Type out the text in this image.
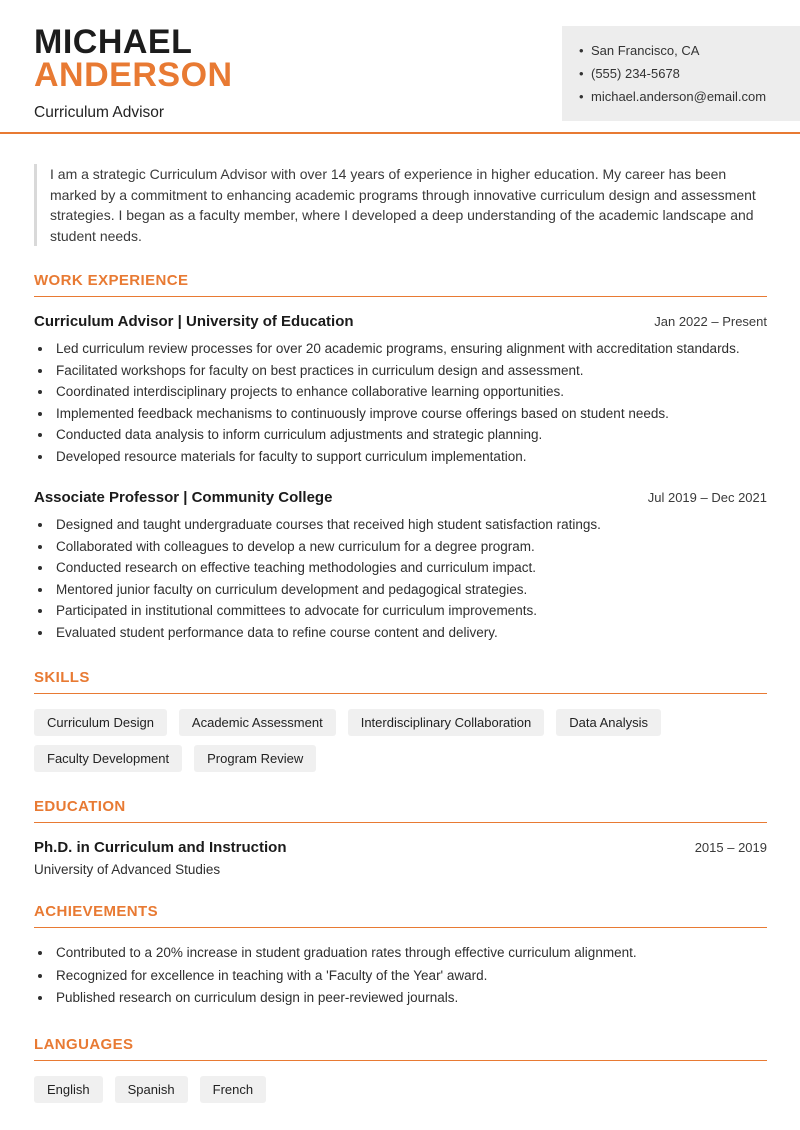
MICHAEL
ANDERSON
Curriculum Advisor
• San Francisco, CA
• (555) 234-5678
• michael.anderson@email.com
I am a strategic Curriculum Advisor with over 14 years of experience in higher education. My career has been marked by a commitment to enhancing academic programs through innovative curriculum design and assessment strategies. I began as a faculty member, where I developed a deep understanding of the academic landscape and student needs.
WORK EXPERIENCE
Curriculum Advisor | University of Education	Jan 2022 – Present
• Led curriculum review processes for over 20 academic programs, ensuring alignment with accreditation standards.
• Facilitated workshops for faculty on best practices in curriculum design and assessment.
• Coordinated interdisciplinary projects to enhance collaborative learning opportunities.
• Implemented feedback mechanisms to continuously improve course offerings based on student needs.
• Conducted data analysis to inform curriculum adjustments and strategic planning.
• Developed resource materials for faculty to support curriculum implementation.
Associate Professor | Community College	Jul 2019 – Dec 2021
• Designed and taught undergraduate courses that received high student satisfaction ratings.
• Collaborated with colleagues to develop a new curriculum for a degree program.
• Conducted research on effective teaching methodologies and curriculum impact.
• Mentored junior faculty on curriculum development and pedagogical strategies.
• Participated in institutional committees to advocate for curriculum improvements.
• Evaluated student performance data to refine course content and delivery.
SKILLS
Curriculum Design	Academic Assessment	Interdisciplinary Collaboration	Data Analysis
Faculty Development	Program Review
EDUCATION
Ph.D. in Curriculum and Instruction	2015 – 2019
University of Advanced Studies
ACHIEVEMENTS
• Contributed to a 20% increase in student graduation rates through effective curriculum alignment.
• Recognized for excellence in teaching with a 'Faculty of the Year' award.
• Published research on curriculum design in peer-reviewed journals.
LANGUAGES
English	Spanish	French
